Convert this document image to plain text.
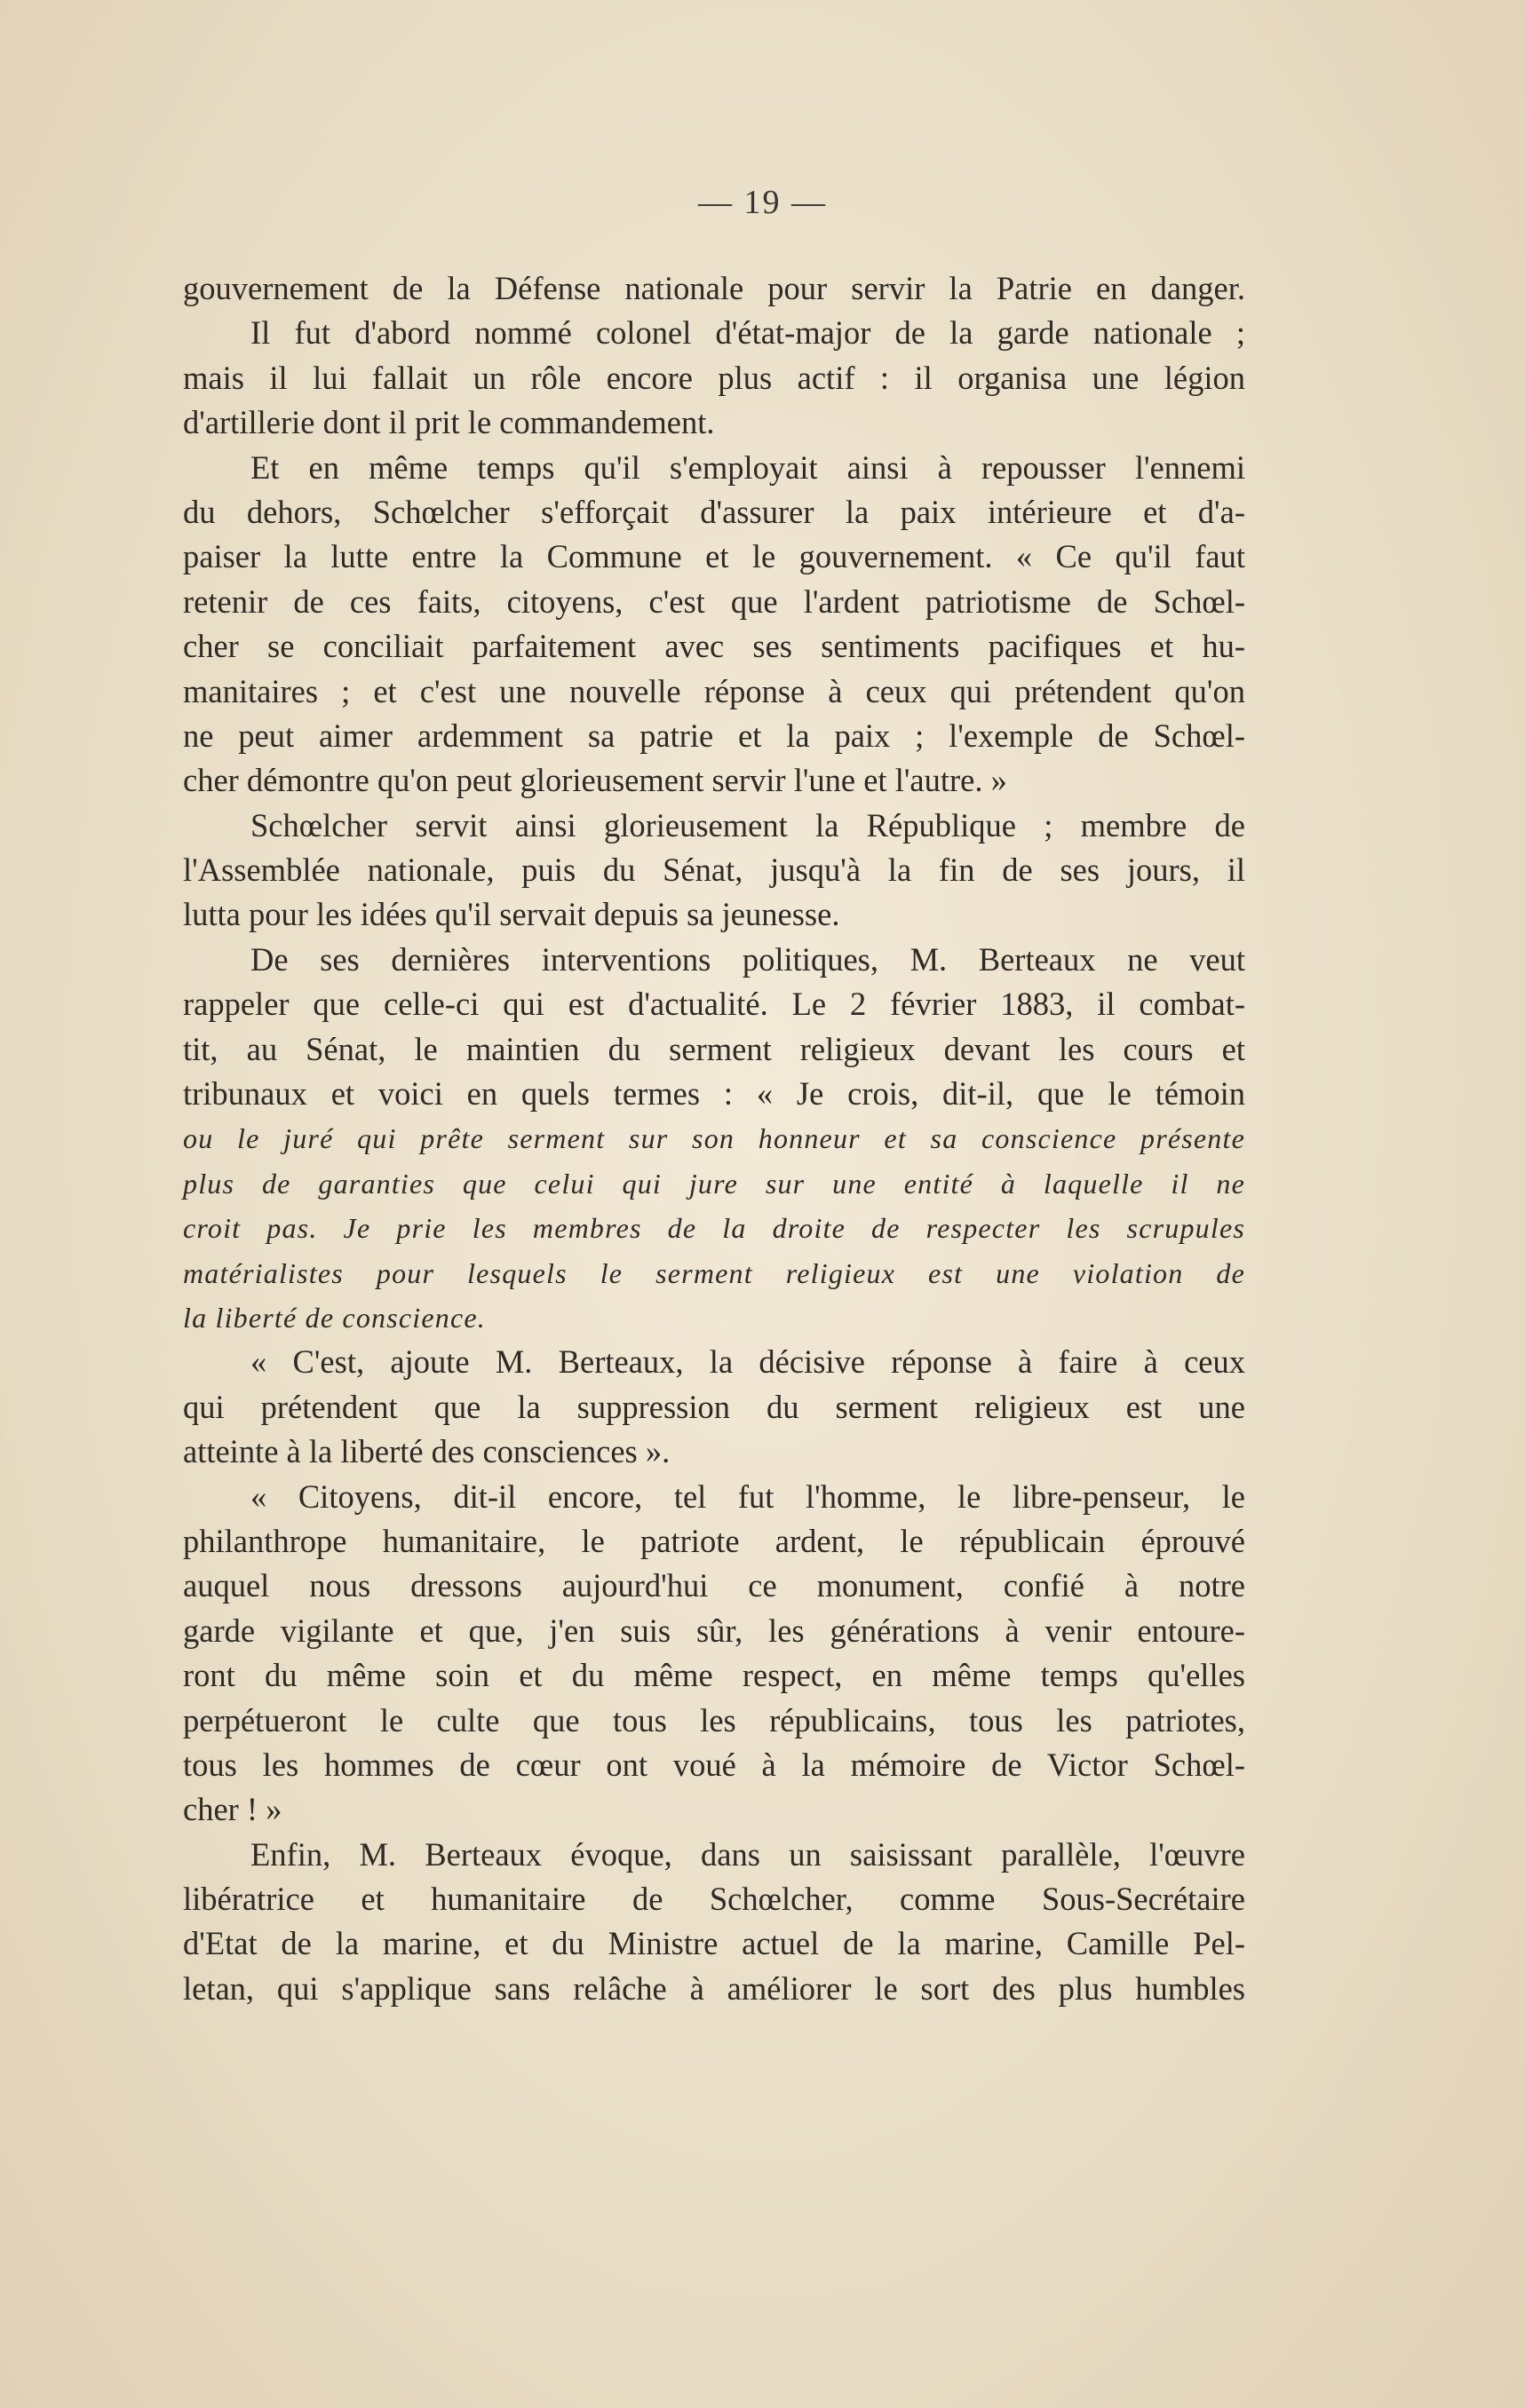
— 19 —
gouvernement de la Défense nationale pour servir la Patrie en danger.
Il fut d'abord nommé colonel d'état-major de la garde nationale ;
mais il lui fallait un rôle encore plus actif : il organisa une légion
d'artillerie dont il prit le commandement.
Et en même temps qu'il s'employait ainsi à repousser l'ennemi
du dehors, Schœlcher s'efforçait d'assurer la paix intérieure et d'a-
paiser la lutte entre la Commune et le gouvernement. « Ce qu'il faut
retenir de ces faits, citoyens, c'est que l'ardent patriotisme de Schœl-
cher se conciliait parfaitement avec ses sentiments pacifiques et hu-
manitaires ; et c'est une nouvelle réponse à ceux qui prétendent qu'on
ne peut aimer ardemment sa patrie et la paix ; l'exemple de Schœl-
cher démontre qu'on peut glorieusement servir l'une et l'autre. »
Schœlcher servit ainsi glorieusement la République ; membre de
l'Assemblée nationale, puis du Sénat, jusqu'à la fin de ses jours, il
lutta pour les idées qu'il servait depuis sa jeunesse.
De ses dernières interventions politiques, M. Berteaux ne veut
rappeler que celle-ci qui est d'actualité. Le 2 février 1883, il combat-
tit, au Sénat, le maintien du serment religieux devant les cours et
tribunaux et voici en quels termes : « Je crois, dit-il, que le témoin
ou le juré qui prête serment sur son honneur et sa conscience présente
plus de garanties que celui qui jure sur une entité à laquelle il ne
croit pas. Je prie les membres de la droite de respecter les scrupules
matérialistes pour lesquels le serment religieux est une violation de
la liberté de conscience.
« C'est, ajoute M. Berteaux, la décisive réponse à faire à ceux
qui prétendent que la suppression du serment religieux est une
atteinte à la liberté des consciences ».
« Citoyens, dit-il encore, tel fut l'homme, le libre-penseur, le
philanthrope humanitaire, le patriote ardent, le républicain éprouvé
auquel nous dressons aujourd'hui ce monument, confié à notre
garde vigilante et que, j'en suis sûr, les générations à venir entoure-
ront du même soin et du même respect, en même temps qu'elles
perpétueront le culte que tous les républicains, tous les patriotes,
tous les hommes de cœur ont voué à la mémoire de Victor Schœl-
cher ! »
Enfin, M. Berteaux évoque, dans un saisissant parallèle, l'œuvre
libératrice et humanitaire de Schœlcher, comme Sous-Secrétaire
d'Etat de la marine, et du Ministre actuel de la marine, Camille Pel-
letan, qui s'applique sans relâche à améliorer le sort des plus humbles
